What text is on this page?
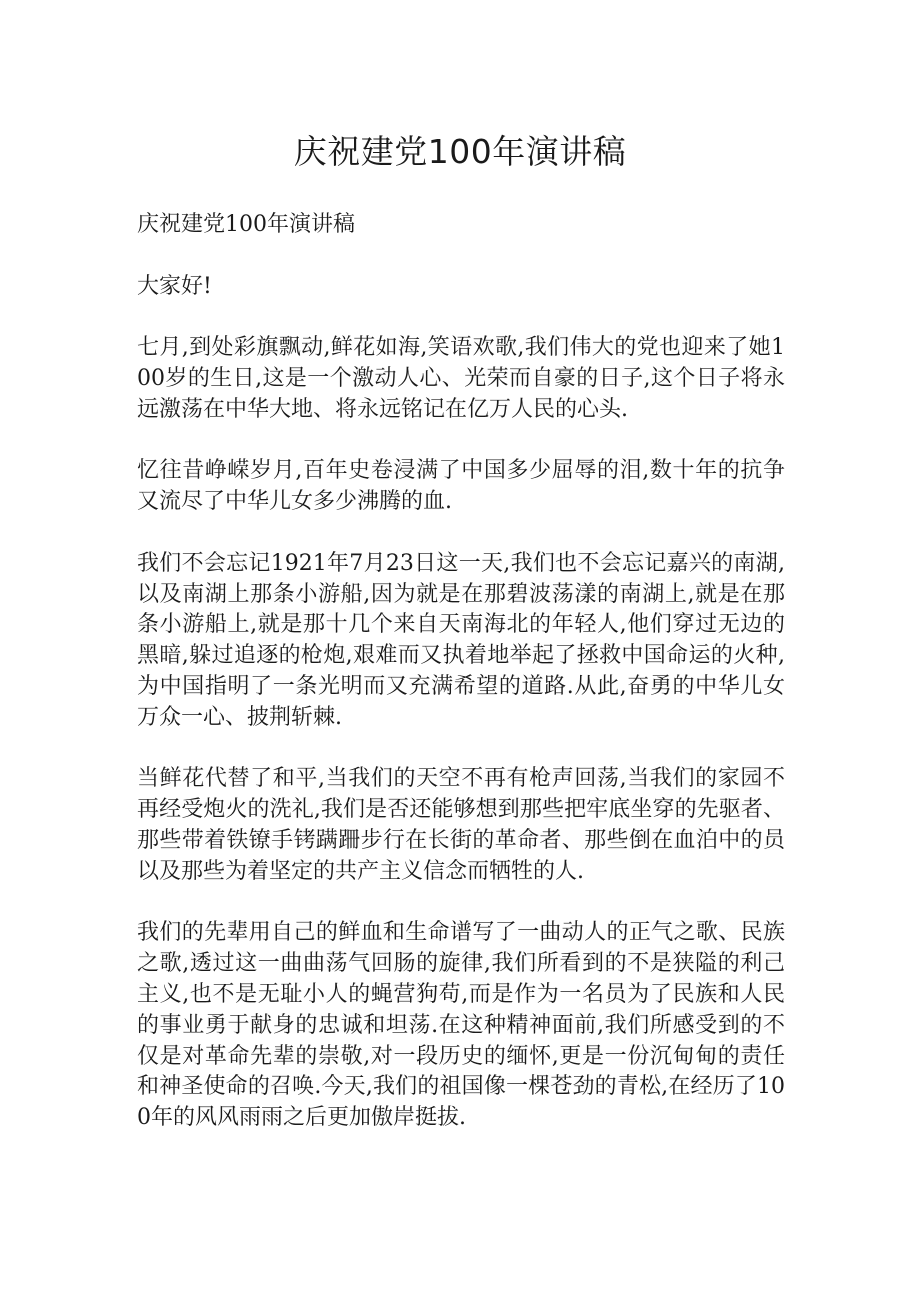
庆祝建党100年演讲稿

庆祝建党100年演讲稿

大家好!

七月,到处彩旗飘动,鲜花如海,笑语欢歌,我们伟大的党也迎来了她100岁的生日,这是一个激动人心、光荣而自豪的日子,这个日子将永远激荡在中华大地、将永远铭记在亿万人民的心头.

忆往昔峥嵘岁月,百年史卷浸满了中国多少屈辱的泪,数十年的抗争又流尽了中华儿女多少沸腾的血.

我们不会忘记1921年7月23日这一天,我们也不会忘记嘉兴的南湖,以及南湖上那条小游船,因为就是在那碧波荡漾的南湖上,就是在那条小游船上,就是那十几个来自天南海北的年轻人,他们穿过无边的黑暗,躲过追逐的枪炮,艰难而又执着地举起了拯救中国命运的火种,为中国指明了一条光明而又充满希望的道路.从此,奋勇的中华儿女万众一心、披荆斩棘.

当鲜花代替了和平,当我们的天空不再有枪声回荡,当我们的家园不再经受炮火的洗礼,我们是否还能够想到那些把牢底坐穿的先驱者、那些带着铁镣手铐蹒跚步行在长街的革命者、那些倒在血泊中的员以及那些为着坚定的共产主义信念而牺牲的人.

我们的先辈用自己的鲜血和生命谱写了一曲动人的正气之歌、民族之歌,透过这一曲曲荡气回肠的旋律,我们所看到的不是狭隘的利己主义,也不是无耻小人的蝇营狗苟,而是作为一名员为了民族和人民的事业勇于献身的忠诚和坦荡.在这种精神面前,我们所感受到的不仅是对革命先辈的崇敬,对一段历史的缅怀,更是一份沉甸甸的责任和神圣使命的召唤.今天,我们的祖国像一棵苍劲的青松,在经历了100年的风风雨雨之后更加傲岸挺拔.
